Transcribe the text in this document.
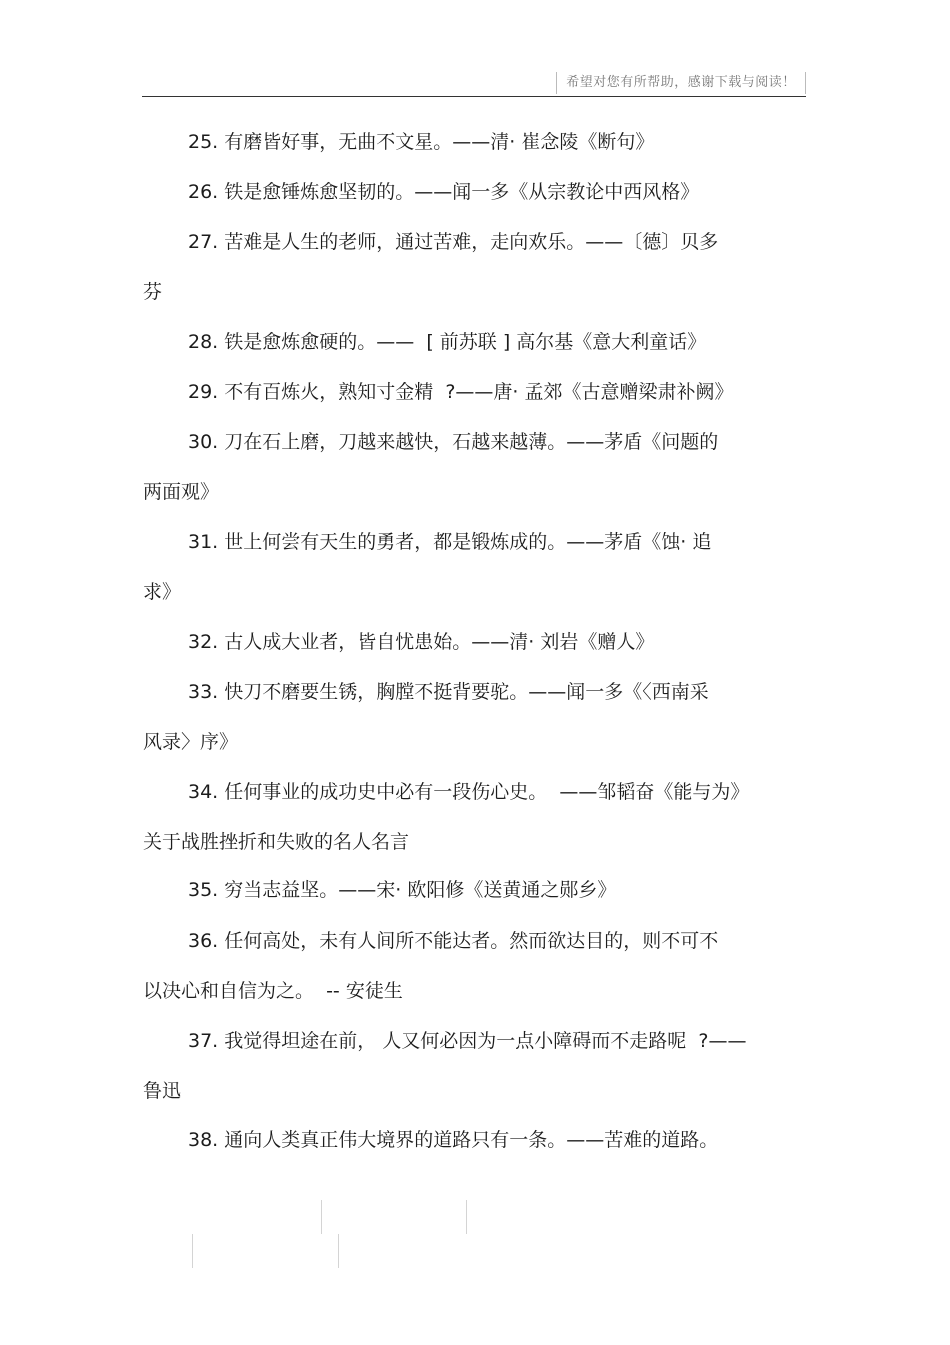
希望对您有所帮助，感谢下载与阅读！
25. 有磨皆好事，无曲不文星。——清· 崔念陵《断句》
26. 铁是愈锤炼愈坚韧的。——闻一多《从宗教论中西风格》
27. 苦难是人生的老师，通过苦难，走向欢乐。——〔德〕贝多
芬
28. 铁是愈炼愈硬的。——  [ 前苏联 ] 高尔基《意大利童话》
29. 不有百炼火，熟知寸金精  ?——唐· 孟郊《古意赠梁肃补阙》
30. 刀在石上磨，刀越来越快，石越来越薄。——茅盾《问题的
两面观》
31. 世上何尝有天生的勇者，都是锻炼成的。——茅盾《蚀· 追
求》
32. 古人成大业者，皆自忧患始。——清· 刘岩《赠人》
33. 快刀不磨要生锈，胸膛不挺背要驼。——闻一多《〈西南采
风录〉序》
34. 任何事业的成功史中必有一段伤心史。  ——邹韬奋《能与为》
关于战胜挫折和失败的名人名言
35. 穷当志益坚。——宋· 欧阳修《送黄通之郧乡》
36. 任何高处，未有人间所不能达者。然而欲达目的，则不可不
以决心和自信为之。  -- 安徒生
37. 我觉得坦途在前， 人又何必因为一点小障碍而不走路呢  ?——
鲁迅
38. 通向人类真正伟大境界的道路只有一条。——苦难的道路。
